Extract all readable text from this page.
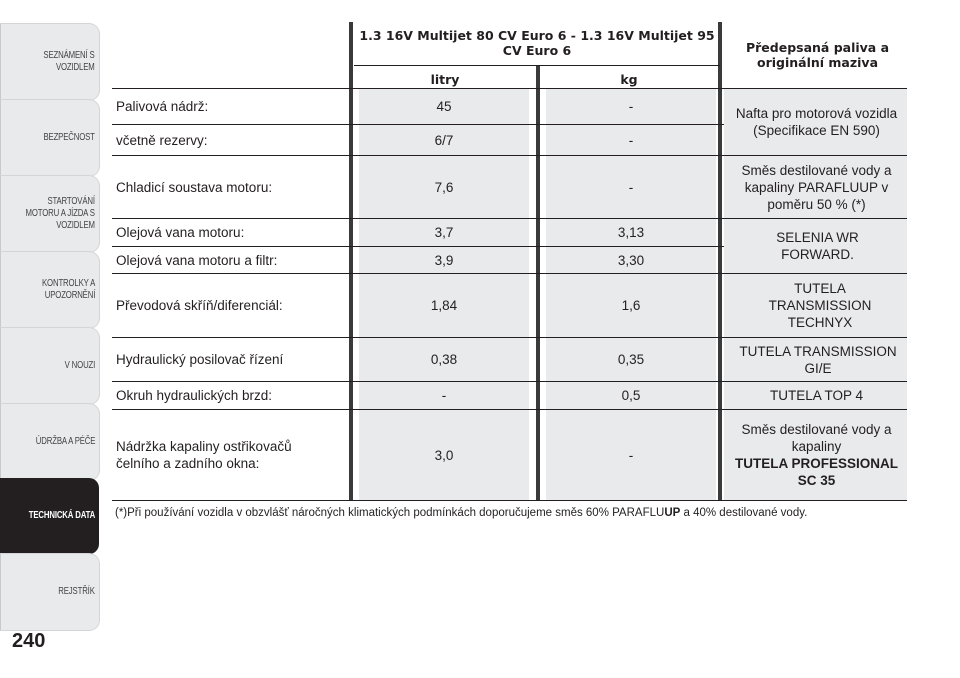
SEZNÁMENÍ S
VOZIDLEM
BEZPEČNOST
STARTOVÁNÍ
MOTORU A JÍZDA S
VOZIDLEM
KONTROLKY A
UPOZORNĚNÍ
V NOUZI
ÚDRŽBA A PÉČE
TECHNICKÁ DATA
REJSTŘÍK
240
1.3 16V Multijet 80 CV Euro 6 - 1.3 16V Multijet 95 CV Euro 6	Předepsaná paliva a originální maziva
litry	kg
Palivová nádrž:
včetně rezervy:
Chladicí soustava motoru:
Olejová vana motoru:
Olejová vana motoru a filtr:
Převodová skříň/diferenciál:
Hydraulický posilovač řízení
Okruh hydraulických brzd:
Nádržka kapaliny ostřikovačů čelního a zadního okna:
45
6/7
7,6
3,7
3,9
1,84
0,38
-
3,0
-
-
-
3,13
3,30
1,6
0,35
0,5
-
Nafta pro motorová vozidla (Specifikace EN 590)
Směs destilované vody a kapaliny PARAFLUUP v poměru 50 % (*)
SELENIA WR FORWARD.
TUTELA TRANSMISSION TECHNYX
TUTELA TRANSMISSION GI/E
TUTELA TOP 4
Směs destilované vody a kapaliny
TUTELA PROFESSIONAL SC 35
(*)Při používání vozidla v obzvlášť náročných klimatických podmínkách doporučujeme směs 60% PARAFLUUP a 40% destilované vody.
